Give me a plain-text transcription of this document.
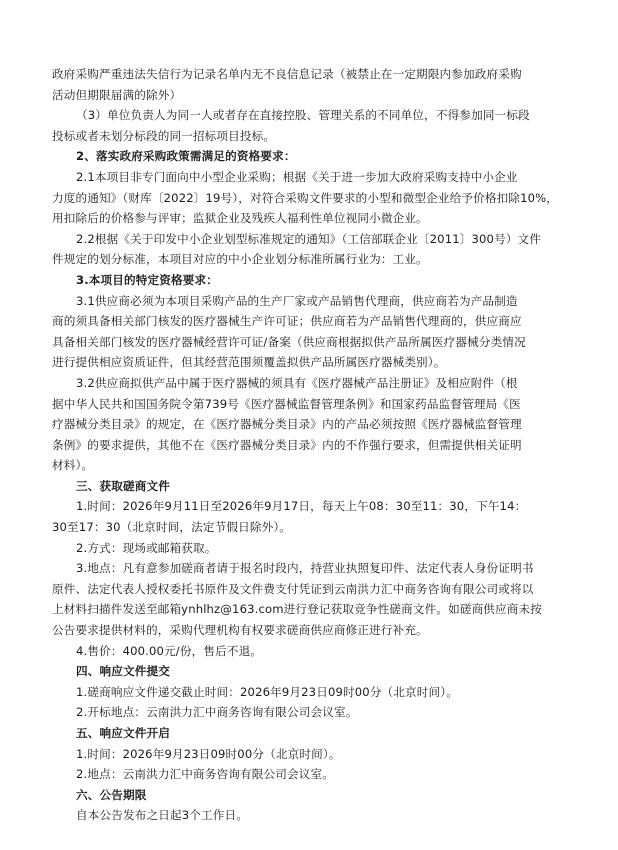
政府采购严重违法失信行为记录名单内无不良信息记录（被禁止在一定期限内参加政府采购
活动但期限届满的除外）
（3）单位负责人为同一人或者存在直接控股、管理关系的不同单位，不得参加同一标段
投标或者未划分标段的同一招标项目投标。
2、落实政府采购政策需满足的资格要求：
2.1本项目非专门面向中小型企业采购；根据《关于进一步加大政府采购支持中小企业
力度的通知》（财库〔2022〕19号），对符合采购文件要求的小型和微型企业给予价格扣除10%，
用扣除后的价格参与评审；监狱企业及残疾人福利性单位视同小微企业。
2.2根据《关于印发中小企业划型标准规定的通知》（工信部联企业〔2011〕300号）文件
件规定的划分标准，本项目对应的中小企业划分标准所属行业为：工业。
3.本项目的特定资格要求：
3.1供应商必须为本项目采购产品的生产厂家或产品销售代理商，供应商若为产品制造
商的须具备相关部门核发的医疗器械生产许可证；供应商若为产品销售代理商的，供应商应
具备相关部门核发的医疗器械经营许可证/备案（供应商根据拟供产品所属医疗器械分类情况
进行提供相应资质证件，但其经营范围须覆盖拟供产品所属医疗器械类别）。
3.2供应商拟供产品中属于医疗器械的须具有《医疗器械产品注册证》及相应附件（根
据中华人民共和国国务院令第739号《医疗器械监督管理条例》和国家药品监督管理局《医
疗器械分类目录》的规定，在《医疗器械分类目录》内的产品必须按照《医疗器械监督管理
条例》的要求提供，其他不在《医疗器械分类目录》内的不作强行要求，但需提供相关证明
材料）。
三、获取磋商文件
1.时间：2026年9月11日至2026年9月17日，每天上午08：30至11：30，下午14：
30至17：30（北京时间，法定节假日除外）。
2.方式：现场或邮箱获取。
3.地点：凡有意参加磋商者请于报名时段内，持营业执照复印件、法定代表人身份证明书
原件、法定代表人授权委托书原件及文件费支付凭证到云南洪力汇中商务咨询有限公司或将以
上材料扫描件发送至邮箱ynhlhz@163.com进行登记获取竞争性磋商文件。如磋商供应商未按
公告要求提供材料的，采购代理机构有权要求磋商供应商修正进行补充。
4.售价：400.00元/份，售后不退。
四、响应文件提交
1.磋商响应文件递交截止时间：2026年9月23日09时00分（北京时间）。
2.开标地点：云南洪力汇中商务咨询有限公司会议室。
五、响应文件开启
1.时间：2026年9月23日09时00分（北京时间）。
2.地点：云南洪力汇中商务咨询有限公司会议室。
六、公告期限
自本公告发布之日起3个工作日。
